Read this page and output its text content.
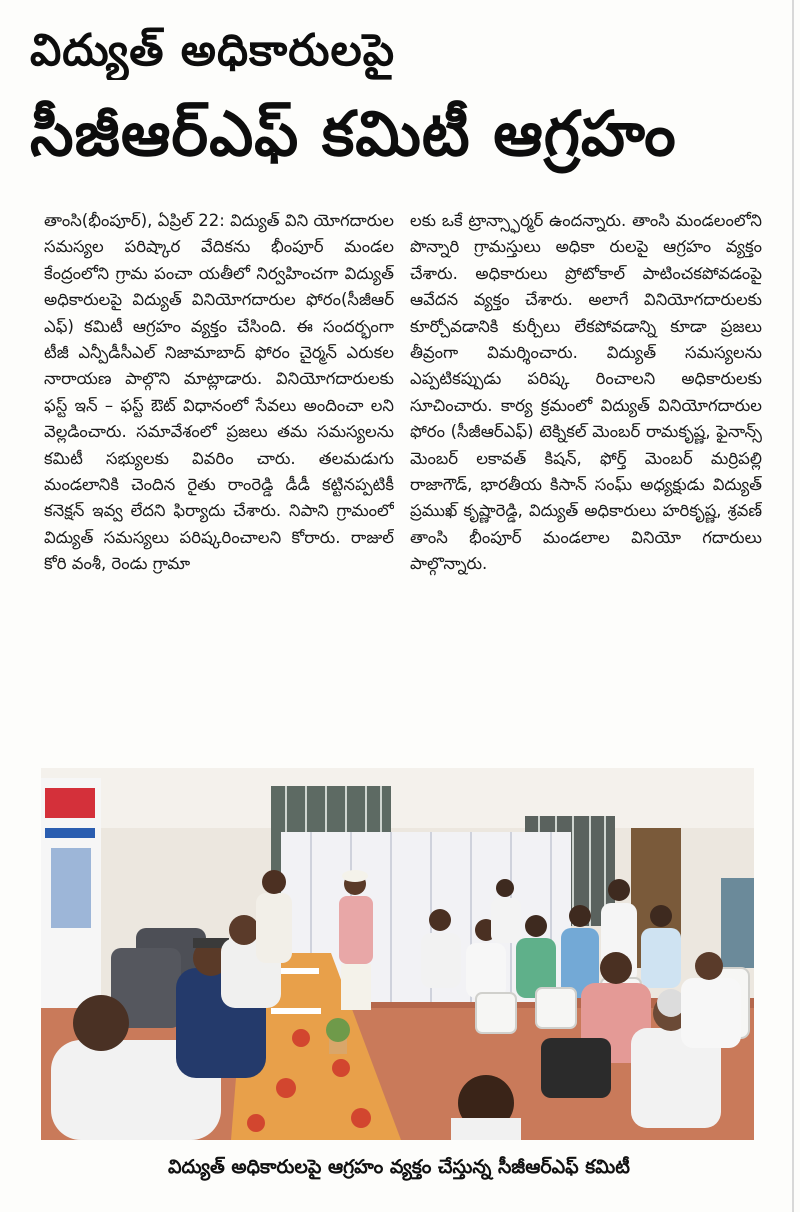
విద్యుత్ అధికారులపై
సీజీఆర్ఎఫ్ కమిటీ ఆగ్రహం
తాంసి(భీంపూర్), ఏప్రిల్ 22: విద్యుత్ విని యోగదారుల సమస్యల పరిష్కార వేదికను భీంపూర్ మండల కేంద్రంలోని గ్రామ పంచా యతీలో నిర్వహించగా విద్యుత్ అధికారులపై విద్యుత్ వినియోగదారుల ఫోరం(సీజీఆర్ ఎఫ్) కమిటీ ఆగ్రహం వ్యక్తం చేసింది. ఈ సందర్భంగా టీజీ ఎన్పీడీసీఎల్ నిజామాబాద్ ఫోరం చైర్మన్ ఎరుకల నారాయణ పాల్గొని మాట్లాడారు. వినియోగదారులకు ఫస్ట్ ఇన్ – ఫస్ట్ ఔట్ విధానంలో సేవలు అందించా లని వెల్లడించారు. సమావేశంలో ప్రజలు తమ సమస్యలను కమిటీ సభ్యులకు వివరిం చారు. తలమడుగు మండలానికి చెందిన రైతు రాంరెడ్డి డీడీ కట్టినప్పటికీ కనెక్షన్ ఇవ్వ లేదని ఫిర్యాదు చేశారు. నిపాని గ్రామంలో విద్యుత్ సమస్యలు పరిష్కరించాలని కోరారు. రాజుల్ కోరి వంశీ, రెండు గ్రామా
లకు ఒకే ట్రాన్స్ఫార్మర్ ఉందన్నారు. తాంసి మండలంలోని పొన్నారి గ్రామస్తులు అధికా రులపై ఆగ్రహం వ్యక్తం చేశారు. అధికారులు ప్రోటోకాల్ పాటించకపోవడంపై ఆవేదన వ్యక్తం చేశారు. అలాగే వినియోగదారులకు కూర్చోవడానికి కుర్చీలు లేకపోవడాన్ని కూడా ప్రజలు తీవ్రంగా విమర్శించారు. విద్యుత్ సమస్యలను ఎప్పటికప్పుడు పరిష్క రించాలని అధికారులకు సూచించారు. కార్య క్రమంలో విద్యుత్ వినియోగదారుల ఫోరం (సీజీఆర్ఎఫ్) టెక్నికల్ మెంబర్ రామకృష్ణ, ఫైనాన్స్ మెంబర్ లకావత్ కిషన్, ఫోర్త్ మెంబర్ మర్రిపల్లి రాజాగౌడ్, భారతీయ కిసాన్ సంఘ్ అధ్యక్షుడు విద్యుత్ ప్రముఖ్ కృష్ణారెడ్డి, విద్యుత్ అధికారులు హరికృష్ణ, శ్రవణ్ తాంసి భీంపూర్ మండలాల వినియో గదారులు పాల్గొన్నారు.
విద్యుత్ అధికారులపై ఆగ్రహం వ్యక్తం చేస్తున్న సీజీఆర్ఎఫ్ కమిటీ
